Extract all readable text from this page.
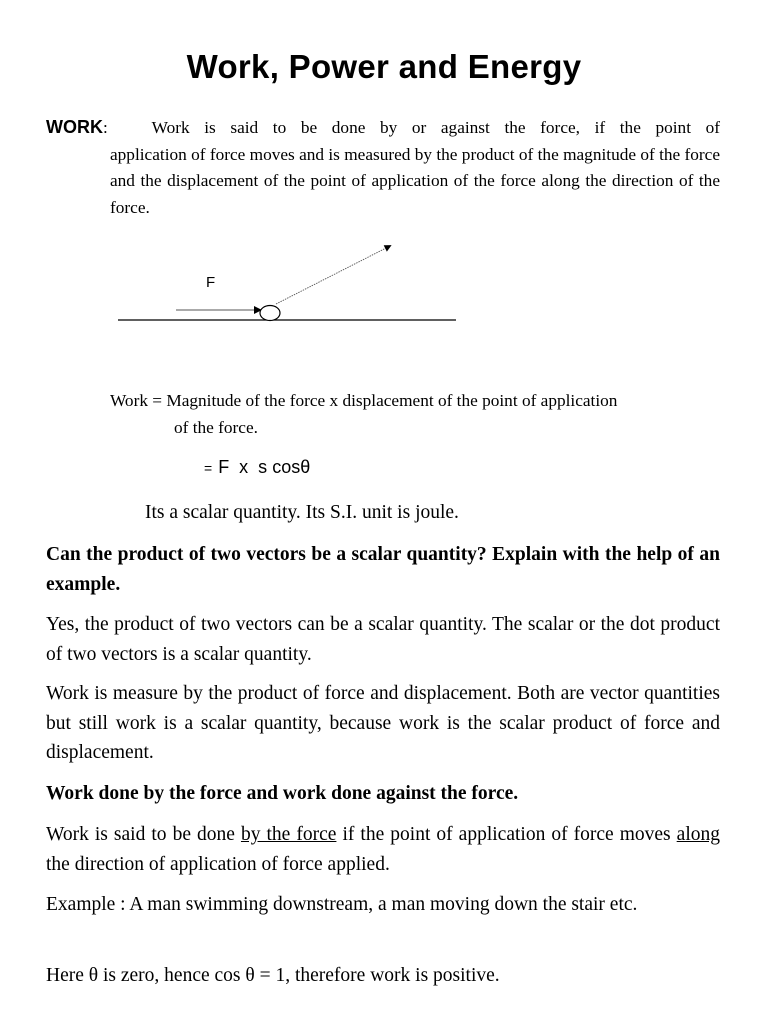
Work, Power and Energy
WORK:	Work is said to be done by or against the force, if the point of
application of force moves and is measured by the product of the magnitude of the force and the displacement of the point of application of the force along the direction of the force.
F
Work = Magnitude of the force x displacement of the point of application
of the force.
= F  x  s cosθ
Its a scalar quantity. Its S.I. unit is joule.
Can the product of two vectors be a scalar quantity? Explain with the help of an example.
Yes, the product of two vectors can be a scalar quantity. The scalar or the dot product of two vectors is a scalar quantity.
Work is measure by the product of force and displacement. Both are vector quantities but still work is a scalar quantity, because work is the scalar product of force and displacement.
Work done by the force and work done against the force.
Work is said to be done by the force if the point of application of force moves along the direction of application of force applied.
Example : A man swimming downstream, a man moving down the stair etc.
Here θ is zero, hence cos θ = 1, therefore work is positive.
